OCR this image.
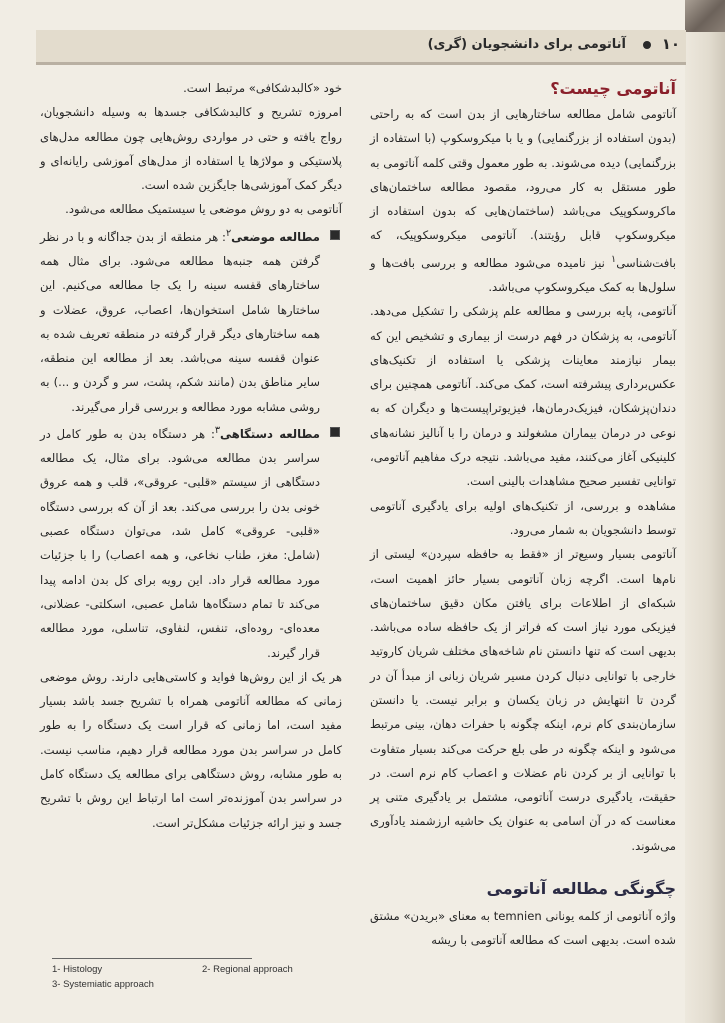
۱۰
آناتومی برای دانشجویان (گری)
آناتومی چیست؟

آناتومی شامل مطالعه ساختارهایی از بدن است که به راحتی (بدون استفاده از بزرگنمایی) و یا با میکروسکوپ (با استفاده از بزرگنمایی) دیده می‌شوند. به طور معمول وقتی کلمه آناتومی به طور مستقل به کار می‌رود، مقصود مطالعه ساختمان‌های ماکروسکوپیک می‌باشد (ساختمان‌هایی که بدون استفاده از میکروسکوپ قابل رؤیتند). آناتومی میکروسکوپیک، که بافت‌شناسی$^۱$ نیز نامیده می‌شود مطالعه و بررسی بافت‌ها و سلول‌ها به کمک میکروسکوپ می‌باشد.

آناتومی، پایه بررسی و مطالعه علم پزشکی را تشکیل می‌دهد. آناتومی، به پزشکان در فهم درست از بیماری و تشخیص این که بیمار نیازمند معاینات پزشکی یا استفاده از تکنیک‌های عکس‌برداری پیشرفته است، کمک می‌کند. آناتومی همچنین برای دندان‌پزشکان، فیزیک‌درمان‌ها، فیزیوتراپیست‌ها و دیگران که به نوعی در درمان بیماران مشغولند و درمان را با آنالیز نشانه‌های کلینیکی آغاز می‌کنند، مفید می‌باشد. نتیجه درک مفاهیم آناتومی، توانایی تفسیر صحیح مشاهدات بالینی است.

مشاهده و بررسی، از تکنیک‌های اولیه برای یادگیری آناتومی توسط دانشجویان به شمار می‌رود.

آناتومی بسیار وسیع‌تر از «فقط به حافظه سپردن» لیستی از نام‌ها است. اگرچه زبان آناتومی بسیار حائز اهمیت است، شبکه‌ای از اطلاعات برای یافتن مکان دقیق ساختمان‌های فیزیکی مورد نیاز است که فراتر از یک حافظه ساده می‌باشد. بدیهی است که تنها دانستن نام شاخه‌های مختلف شریان کاروتید خارجی با توانایی دنبال کردن مسیر شریان زبانی از مبدأ آن در گردن تا انتهایش در زبان یکسان و برابر نیست. یا دانستن سازمان‌بندی کام نرم، اینکه چگونه با حفرات دهان، بینی مرتبط می‌شود و اینکه چگونه در طی بلع حرکت می‌کند بسیار متفاوت با توانایی از بر کردن نام عضلات و اعصاب کام نرم است. در حقیقت، یادگیری درست آناتومی، مشتمل بر یادگیری متنی پر معناست که در آن اسامی به عنوان یک حاشیه ارزشمند یادآوری می‌شوند.

چگونگی مطالعه آناتومی

واژه آناتومی از کلمه یونانی temnien به معنای «بریدن» مشتق شده است. بدیهی است که مطالعه آناتومی با ریشه

خود «کالبدشکافی» مرتبط است.

امروزه تشریح و کالبدشکافی جسدها به وسیله دانشجویان، رواج یافته و حتی در مواردی روش‌هایی چون مطالعه مدل‌های پلاستیکی و مولاژها یا استفاده از مدل‌های آموزشی رایانه‌ای و دیگر کمک آموزشی‌ها جایگزین شده است.

آناتومی به دو روش موضعی یا سیستمیک مطالعه می‌شود.

مطالعه موضعی$^۲$: هر منطقه از بدن جداگانه و با در نظر گرفتن همه جنبه‌ها مطالعه می‌شود. برای مثال همه ساختارهای قفسه سینه را یک جا مطالعه می‌کنیم. این ساختارها شامل استخوان‌ها، اعصاب، عروق، عضلات و همه ساختارهای دیگر قرار گرفته در منطقه تعریف شده به عنوان قفسه سینه می‌باشد. بعد از مطالعه این منطقه، سایر مناطق بدن (مانند شکم، پشت، سر و گردن و ...) به روشی مشابه مورد مطالعه و بررسی قرار می‌گیرند.

مطالعه دستگاهی$^۳$: هر دستگاه بدن به طور کامل در سراسر بدن مطالعه می‌شود. برای مثال، یک مطالعه دستگاهی از سیستم «قلبی- عروقی»، قلب و همه عروق خونی بدن را بررسی می‌کند. بعد از آن که بررسی دستگاه «قلبی- عروقی» کامل شد، می‌توان دستگاه عصبی (شامل: مغز، طناب نخاعی، و همه اعصاب) را با جزئیات مورد مطالعه قرار داد. این رویه برای کل بدن ادامه پیدا می‌کند تا تمام دستگاه‌ها شامل عصبی، اسکلتی- عضلانی، معده‌ای- روده‌ای، تنفس، لنفاوی، تناسلی، مورد مطالعه قرار گیرند.

هر یک از این روش‌ها فواید و کاستی‌هایی دارند. روش موضعی زمانی که مطالعه آناتومی همراه با تشریح جسد باشد بسیار مفید است، اما زمانی که قرار است یک دستگاه را به طور کامل در سراسر بدن مورد مطالعه قرار دهیم، مناسب نیست. به طور مشابه، روش دستگاهی برای مطالعه یک دستگاه کامل در سراسر بدن آموزنده‌تر است اما ارتباط این روش با تشریح جسد و نیز ارائه جزئیات مشکل‌تر است.

1- Histology	2- Regional approach
3- Systemiatic approach
